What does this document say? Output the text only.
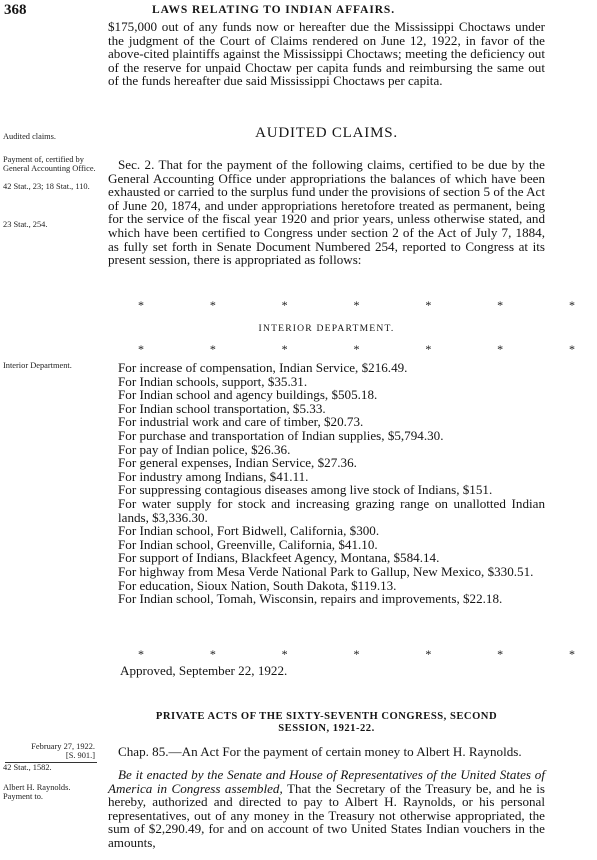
368	LAWS RELATING TO INDIAN AFFAIRS.

$175,000 out of any funds now or hereafter due the Mississippi Choctaws under the judgment of the Court of Claims rendered on June 12, 1922, in favor of the above-cited plaintiffs against the Mississippi Choctaws; meeting the deficiency out of the reserve for unpaid Choctaw per capita funds and reimbursing the same out of the funds hereafter due said Mississippi Choctaws per capita.

Audited claims.	AUDITED CLAIMS.
Payment of, certified by General Accounting Office.
42 Stat., 23; 18 Stat., 110.
23 Stat., 254.

Sec. 2. That for the payment of the following claims, certified to be due by the General Accounting Office under appropriations the balances of which have been exhausted or carried to the surplus fund under the provisions of section 5 of the Act of June 20, 1874, and under appropriations heretofore treated as permanent, being for the service of the fiscal year 1920 and prior years, unless otherwise stated, and which have been certified to Congress under section 2 of the Act of July 7, 1884, as fully set forth in Senate Document Numbered 254, reported to Congress at its present session, there is appropriated as follows:

*	*	*	*	*	*	*
INTERIOR DEPARTMENT.
*	*	*	*	*	*	*
Interior Department.	For increase of compensation, Indian Service, $216.49.

For Indian schools, support, $35.31.

For Indian school and agency buildings, $505.18.

For Indian school transportation, $5.33.

For industrial work and care of timber, $20.73.

For purchase and transportation of Indian supplies, $5,794.30.

For pay of Indian police, $26.36.

For general expenses, Indian Service, $27.36.

For industry among Indians, $41.11.

For suppressing contagious diseases among live stock of Indians, $151.

For water supply for stock and increasing grazing range on unallotted Indian lands, $3,336.30.

For Indian school, Fort Bidwell, California, $300.

For Indian school, Greenville, California, $41.10.

For support of Indians, Blackfeet Agency, Montana, $584.14.

For highway from Mesa Verde National Park to Gallup, New Mexico, $330.51.

For education, Sioux Nation, South Dakota, $119.13.

For Indian school, Tomah, Wisconsin, repairs and improvements, $22.18.

*	*	*	*	*	*	*
Approved, September 22, 1922.
PRIVATE ACTS OF THE SIXTY-SEVENTH CONGRESS, SECOND
SESSION, 1921-22.
February 27, 1922.
[S. 901.]
42 Stat., 1582.
Albert H. Raynolds. Payment to.

Chap. 85.—An Act For the payment of certain money to Albert H. Raynolds.

Be it enacted by the Senate and House of Representatives of the United States of America in Congress assembled, That the Secretary of the Treasury be, and he is hereby, authorized and directed to pay to Albert H. Raynolds, or his personal representatives, out of any money in the Treasury not otherwise appropriated, the sum of $2,290.49, for and on account of two United States Indian vouchers in the amounts,
